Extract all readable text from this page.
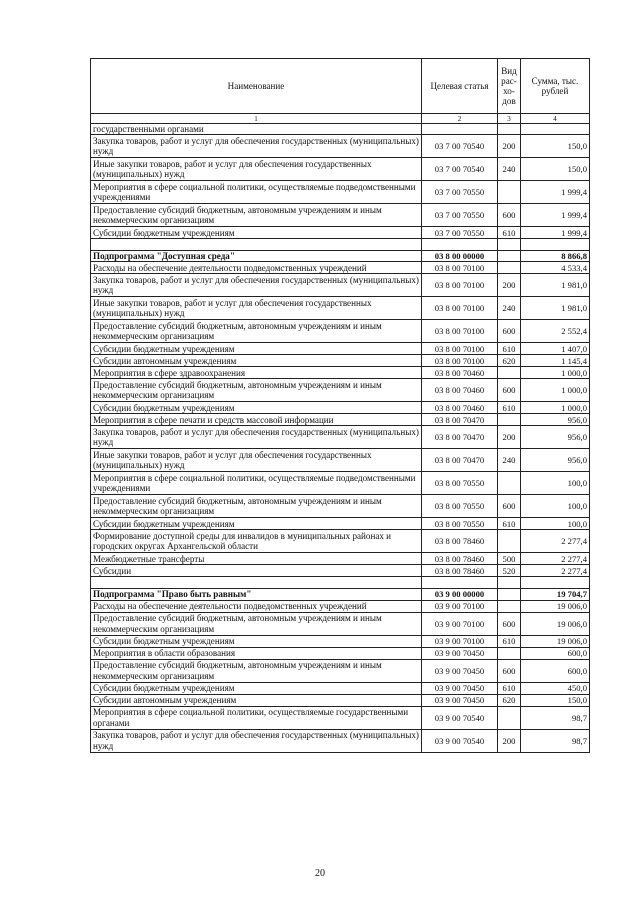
Наименование	Целевая статья	Вид рас-хо-дов	Сумма, тыс. рублей
1	2	3	4
государственными органами			
Закупка товаров, работ и услуг для обеспечения государственных (муниципальных) нужд	03 7 00 70540	200	150,0
Иные закупки товаров, работ и услуг для обеспечения государственных (муниципальных) нужд	03 7 00 70540	240	150,0
Мероприятия в сфере социальной политики, осуществляемые подведомственными учреждениями	03 7 00 70550		1 999,4
Предоставление субсидий бюджетным, автономным учреждениям и иным некоммерческим организациям	03 7 00 70550	600	1 999,4
Субсидии бюджетным учреждениям	03 7 00 70550	610	1 999,4

Подпрограмма "Доступная среда"	03 8 00 00000		8 866,8
Расходы на обеспечение деятельности подведомственных учреждений	03 8 00 70100		4 533,4
Закупка товаров, работ и услуг для обеспечения государственных (муниципальных) нужд	03 8 00 70100	200	1 981,0
Иные закупки товаров, работ и услуг для обеспечения государственных (муниципальных) нужд	03 8 00 70100	240	1 981,0
Предоставление субсидий бюджетным, автономным учреждениям и иным некоммерческим организациям	03 8 00 70100	600	2 552,4
Субсидии бюджетным учреждениям	03 8 00 70100	610	1 407,0
Субсидии автономным учреждениям	03 8 00 70100	620	1 145,4
Мероприятия в сфере здравоохранения	03 8 00 70460		1 000,0
Предоставление субсидий бюджетным, автономным учреждениям и иным некоммерческим организациям	03 8 00 70460	600	1 000,0
Субсидии бюджетным учреждениям	03 8 00 70460	610	1 000,0
Мероприятия в сфере печати и средств массовой информации	03 8 00 70470		956,0
Закупка товаров, работ и услуг для обеспечения государственных (муниципальных) нужд	03 8 00 70470	200	956,0
Иные закупки товаров, работ и услуг для обеспечения государственных (муниципальных) нужд	03 8 00 70470	240	956,0
Мероприятия в сфере социальной политики, осуществляемые подведомственными учреждениями	03 8 00 70550		100,0
Предоставление субсидий бюджетным, автономным учреждениям и иным некоммерческим организациям	03 8 00 70550	600	100,0
Субсидии бюджетным учреждениям	03 8 00 70550	610	100,0
Формирование доступной среды для инвалидов в муниципальных районах и городских округах Архангельской области	03 8 00 78460		2 277,4
Межбюджетные трансферты	03 8 00 78460	500	2 277,4
Субсидии	03 8 00 78460	520	2 277,4

Подпрограмма "Право быть равным"	03 9 00 00000		19 704,7
Расходы на обеспечение деятельности подведомственных учреждений	03 9 00 70100		19 006,0
Предоставление субсидий бюджетным, автономным учреждениям и иным некоммерческим организациям	03 9 00 70100	600	19 006,0
Субсидии бюджетным учреждениям	03 9 00 70100	610	19 006,0
Мероприятия в области образования	03 9 00 70450		600,0
Предоставление субсидий бюджетным, автономным учреждениям и иным некоммерческим организациям	03 9 00 70450	600	600,0
Субсидии бюджетным учреждениям	03 9 00 70450	610	450,0
Субсидии автономным учреждениям	03 9 00 70450	620	150,0
Мероприятия в сфере социальной политики, осуществляемые государственными органами	03 9 00 70540		98,7
Закупка товаров, работ и услуг для обеспечения государственных (муниципальных) нужд	03 9 00 70540	200	98,7
20
